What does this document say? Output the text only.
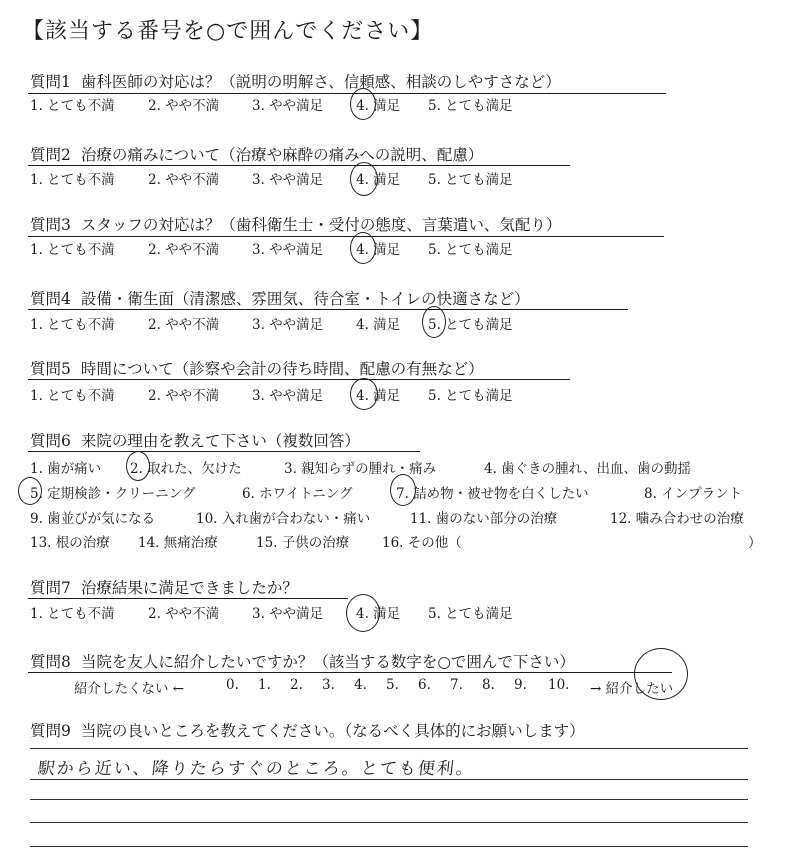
【該当する番号を○で囲んでください】
質問1 歯科医師の対応は？（説明の明解さ、信頼感、相談のしやすさなど）
1. とても不満 2. やや不満 3. やや満足 4. 満足 5. とても満足
質問2 治療の痛みについて（治療や麻酔の痛みへの説明、配慮）
1. とても不満 2. やや不満 3. やや満足 4. 満足 5. とても満足
質問3 スタッフの対応は？（歯科衛生士・受付の態度、言葉遣い、気配り）
1. とても不満 2. やや不満 3. やや満足 4. 満足 5. とても満足
質問4 設備・衛生面（清潔感、雰囲気、待合室・トイレの快適さなど）
1. とても不満 2. やや不満 3. やや満足 4. 満足 5. とても満足
質問5 時間について（診察や会計の待ち時間、配慮の有無など）
1. とても不満 2. やや不満 3. やや満足 4. 満足 5. とても満足
質問6 来院の理由を教えて下さい（複数回答）
1. 歯が痛い 2. 取れた、欠けた	3. 親知らずの腫れ・痛み	4. 歯ぐきの腫れ、出血、歯の動揺
5. 定期検診・クリーニング	6. ホワイトニング	7. 詰め物・被せ物を白くしたい	8. インプラント
9. 歯並びが気になる	10. 入れ歯が合わない・痛い	11. 歯のない部分の治療	12. 噛み合わせの治療
13. 根の治療 14. 無痛治療	15. 子供の治療 16. その他（	）
質問7 治療結果に満足できましたか？
1. とても不満 2. やや不満 3. やや満足 4. 満足 5. とても満足
質問8 当院を友人に紹介したいですか？（該当する数字を○で囲んで下さい）
紹介したくない ←	0. 1. 2. 3. 4. 5. 6. 7. 8. 9. 10. → 紹介したい
質問9 当院の良いところを教えてください。（なるべく具体的にお願いします）
駅から近い、降りたらすぐのところ。とても便利。
